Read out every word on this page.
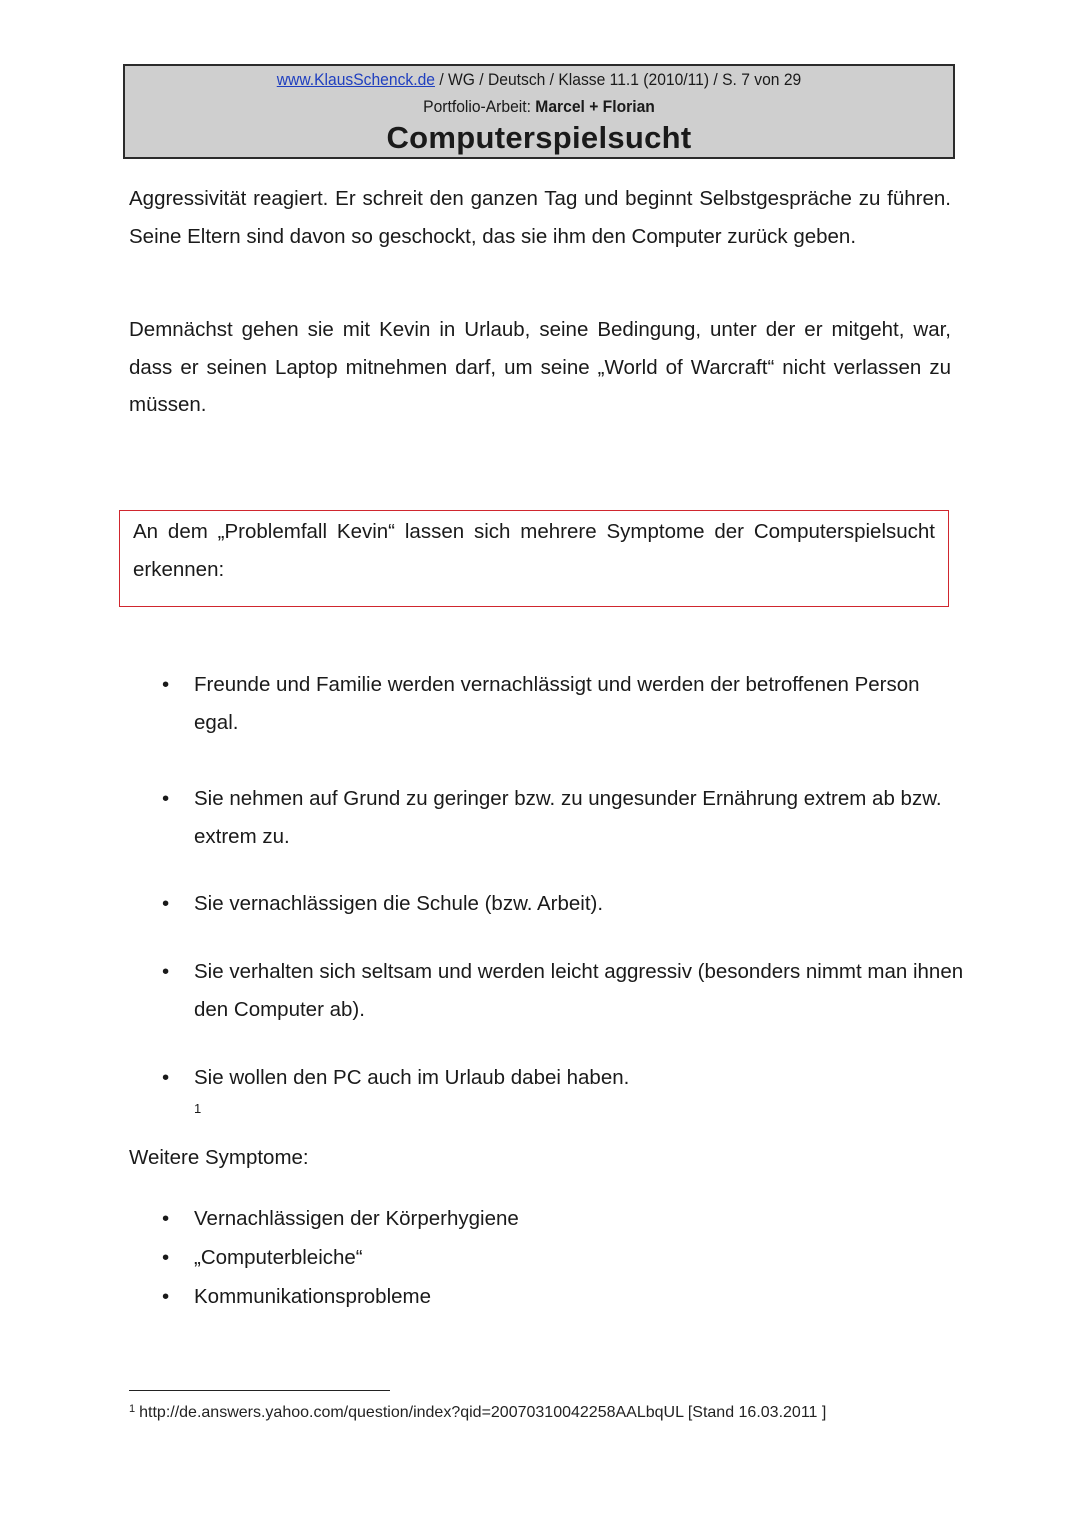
www.KlausSchenck.de / WG / Deutsch / Klasse 11.1 (2010/11) / S. 7 von 29
Portfolio-Arbeit: Marcel + Florian
Computerspielsucht

Aggressivität reagiert. Er schreit den ganzen Tag und beginnt Selbstgespräche zu führen. Seine Eltern sind davon so geschockt, das sie ihm den Computer zurück geben.

Demnächst gehen sie mit Kevin in Urlaub, seine Bedingung, unter der er mitgeht, war, dass er seinen Laptop mitnehmen darf, um seine „World of Warcraft“ nicht verlassen zu müssen.

An dem „Problemfall Kevin“ lassen sich mehrere Symptome der Computerspielsucht erkennen:

• Freunde und Familie werden vernachlässigt und werden der betroffenen Person egal.

• Sie nehmen auf Grund zu geringer bzw. zu ungesunder Ernährung extrem ab bzw. extrem zu.

• Sie vernachlässigen die Schule (bzw. Arbeit).

• Sie verhalten sich seltsam und werden leicht aggressiv (besonders nimmt man ihnen den Computer ab).

• Sie wollen den PC auch im Urlaub dabei haben.

1
Weitere Symptome:
• Vernachlässigen der Körperhygiene

• „Computerbleiche“

• Kommunikationsprobleme

$^1$ http://de.answers.yahoo.com/question/index?qid=20070310042258AALbqUL [Stand 16.03.2011 ]
